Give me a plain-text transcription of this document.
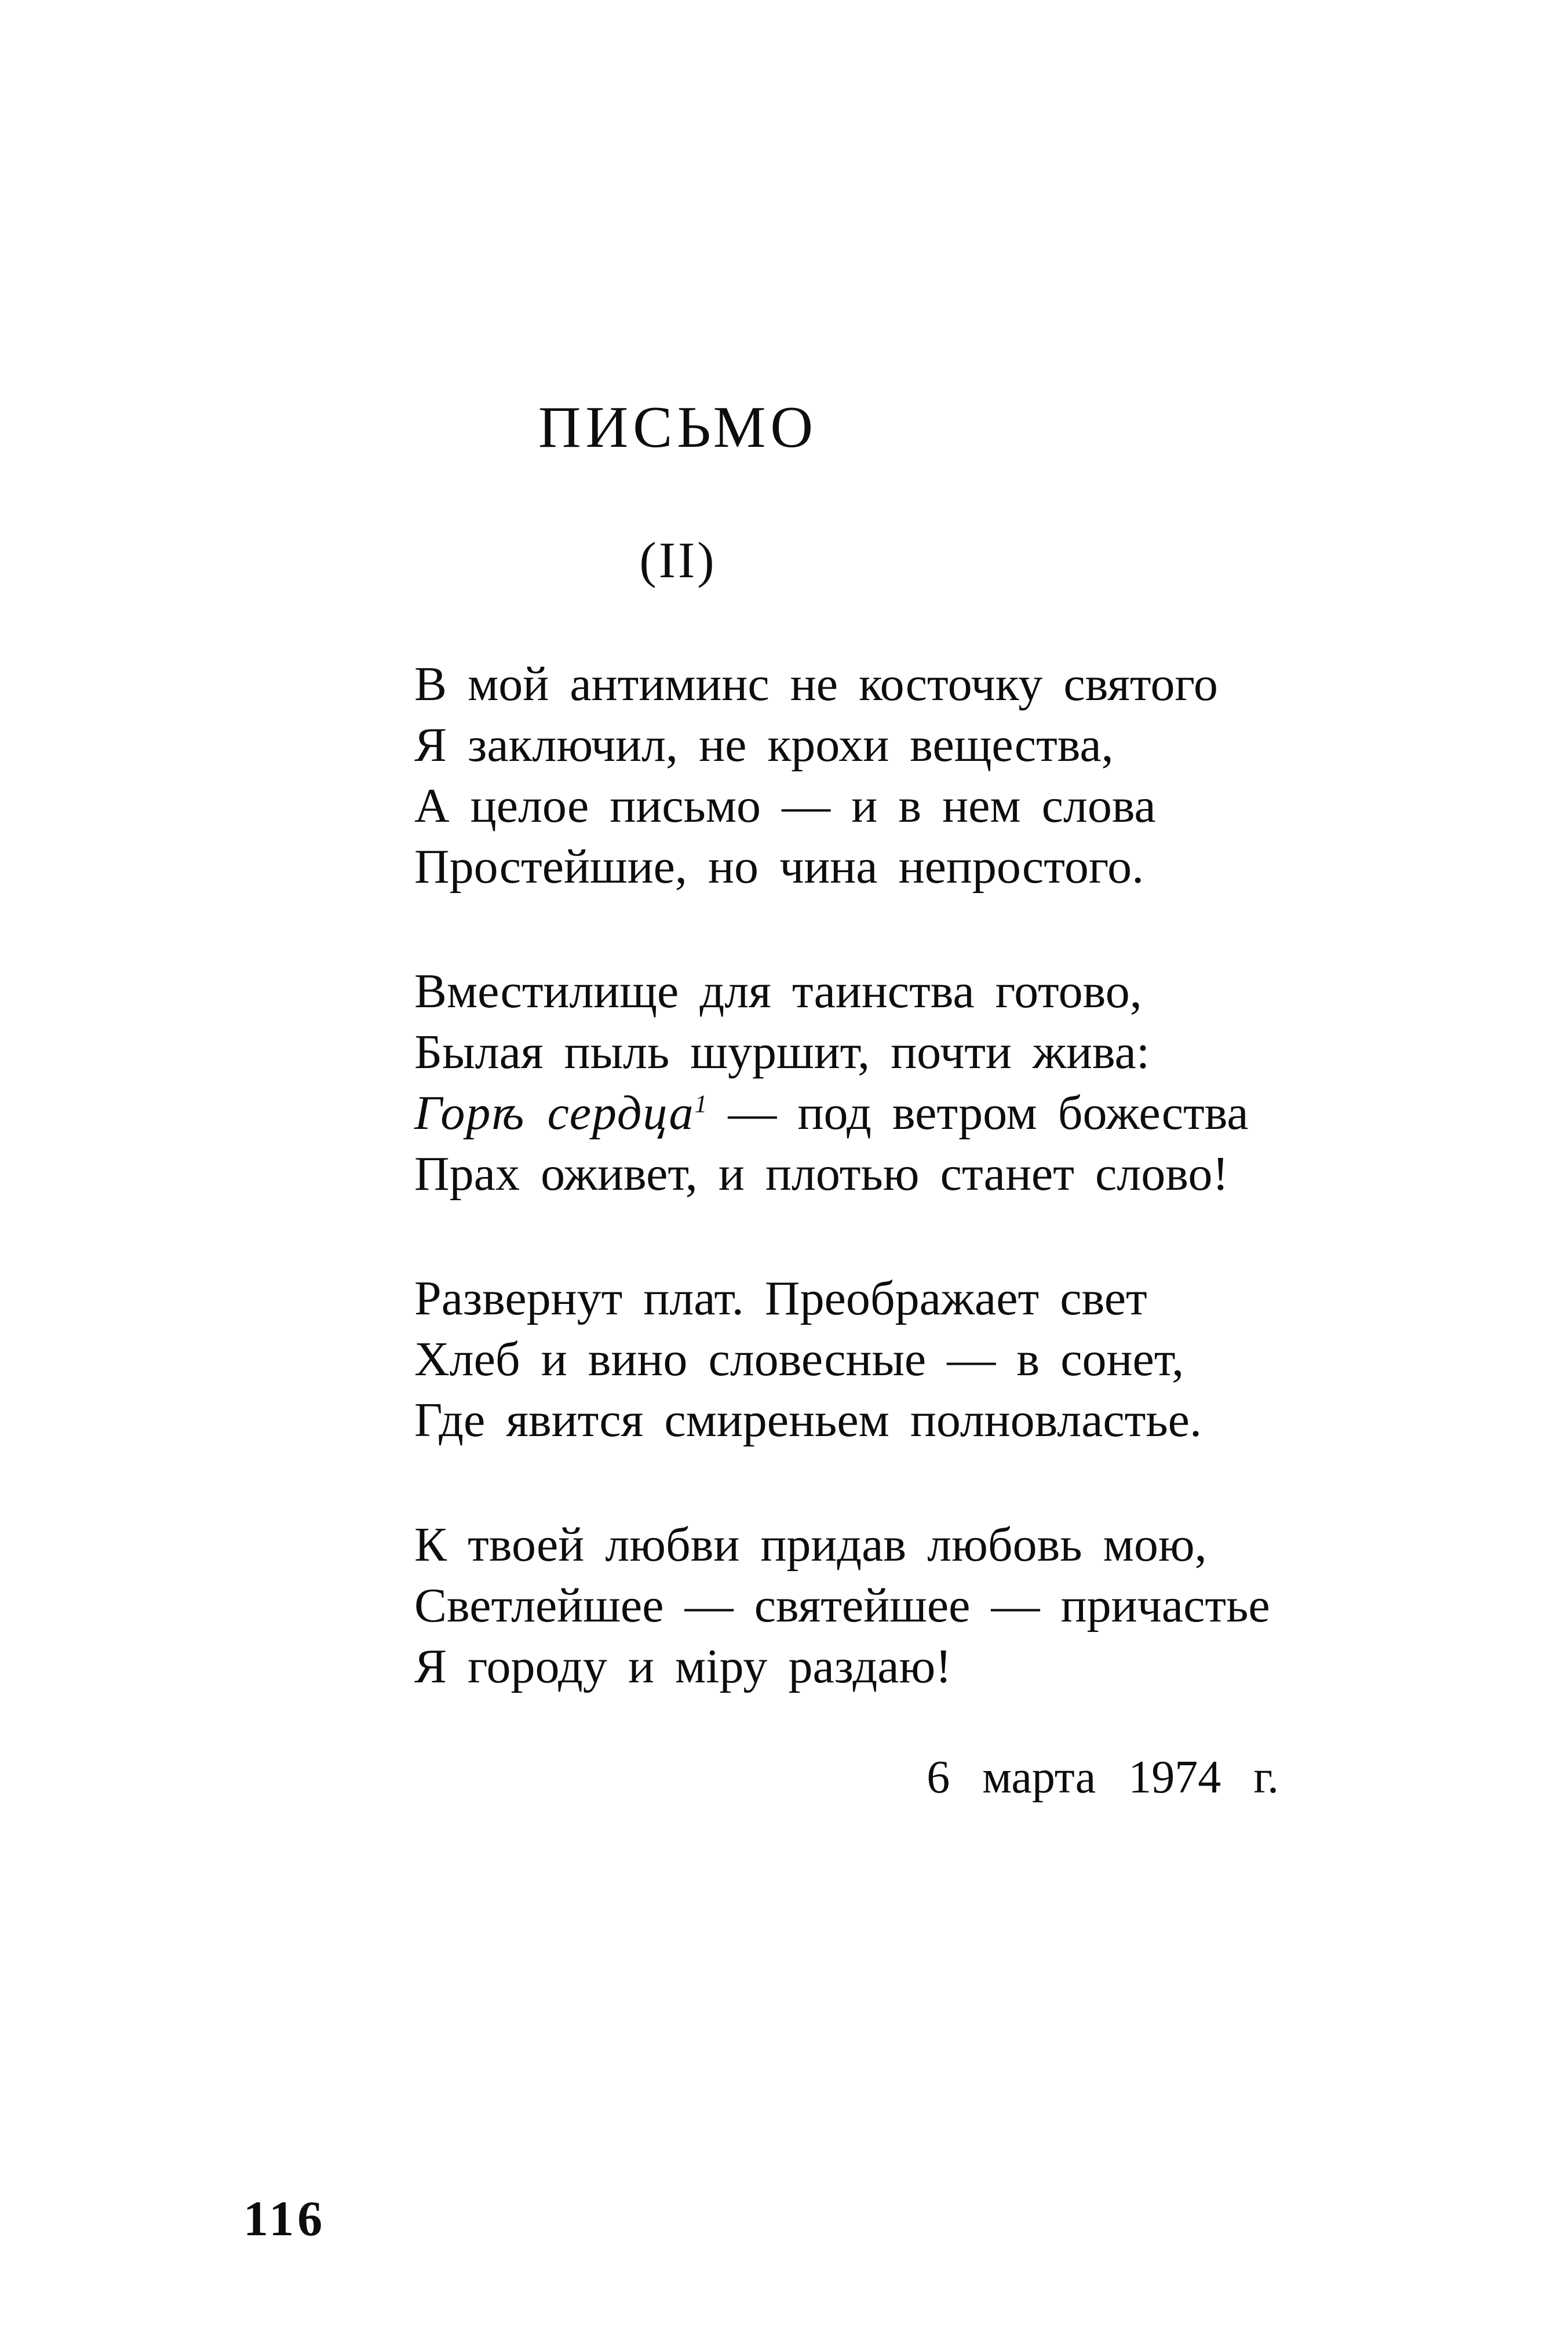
ПИСЬМО
(II)
В мой антиминс не косточку святого
Я заключил, не крохи вещества,
А целое письмо — и в нем слова
Простейшие, но чина непростого.
Вместилище для таинства готово,
Былая пыль шуршит, почти жива:
Горѣ сердца$^1$ — под ветром божества
Прах оживет, и плотью станет слово!
Развернут плат. Преображает свет
Хлеб и вино словесные — в сонет,
Где явится смиреньем полновластье.
К твоей любви придав любовь мою,
Светлейшее — святейшее — причастье
Я городу и міру раздаю!
6 марта 1974 г.
116
